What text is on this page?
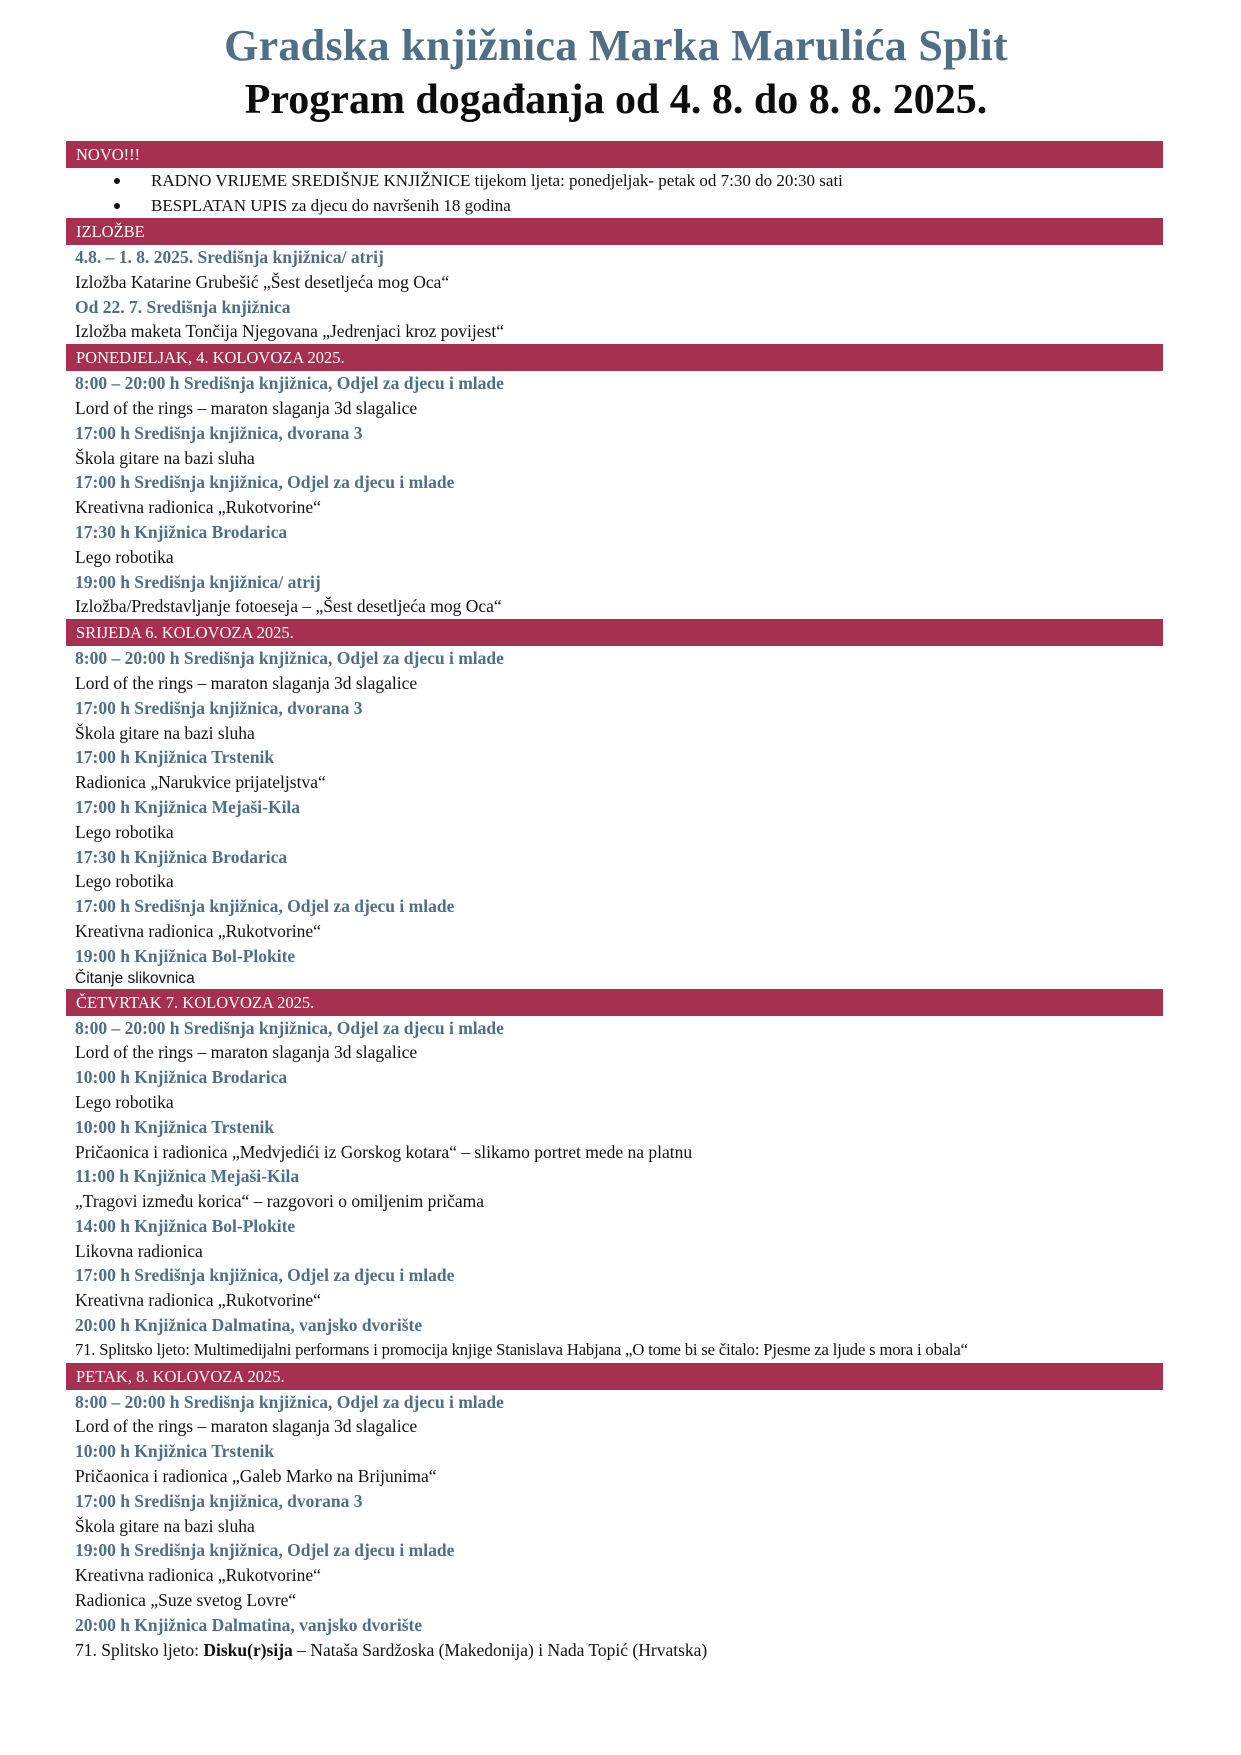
Gradska knjižnica Marka Marulića Split
Program događanja od 4. 8. do 8. 8. 2025.
NOVO!!!
RADNO VRIJEME SREDIŠNJE KNJIŽNICE tijekom ljeta: ponedjeljak- petak od 7:30 do 20:30 sati
BESPLATAN UPIS za djecu do navršenih 18 godina
IZLOŽBE
4.8. – 1. 8. 2025. Središnja knjižnica/ atrij
Izložba Katarine Grubešić „Šest desetljeća mog Oca“
Od 22. 7. Središnja knjižnica
Izložba maketa Tončija Njegovana „Jedrenjaci kroz povijest“
PONEDJELJAK, 4. KOLOVOZA 2025.
8:00 – 20:00 h Središnja knjižnica, Odjel za djecu i mlade
Lord of the rings – maraton slaganja 3d slagalice
17:00 h Središnja knjižnica, dvorana 3
Škola gitare na bazi sluha
17:00 h Središnja knjižnica, Odjel za djecu i mlade
Kreativna radionica „Rukotvorine“
17:30 h Knjižnica Brodarica
Lego robotika
19:00 h Središnja knjižnica/ atrij
Izložba/Predstavljanje fotoeseja – „Šest desetljeća mog Oca“
SRIJEDA 6. KOLOVOZA 2025.
8:00 – 20:00 h Središnja knjižnica, Odjel za djecu i mlade
Lord of the rings – maraton slaganja 3d slagalice
17:00 h Središnja knjižnica, dvorana 3
Škola gitare na bazi sluha
17:00 h Knjižnica Trstenik
Radionica „Narukvice prijateljstva“
17:00 h Knjižnica Mejaši-Kila
Lego robotika
17:30 h Knjižnica Brodarica
Lego robotika
17:00 h Središnja knjižnica, Odjel za djecu i mlade
Kreativna radionica „Rukotvorine“
19:00 h Knjižnica Bol-Plokite
Čitanje slikovnica
ČETVRTAK 7. KOLOVOZA 2025.
8:00 – 20:00 h Središnja knjižnica, Odjel za djecu i mlade
Lord of the rings – maraton slaganja 3d slagalice
10:00 h Knjižnica Brodarica
Lego robotika
10:00 h Knjižnica Trstenik
Pričaonica i radionica „Medvjedići iz Gorskog kotara“ – slikamo portret mede na platnu
11:00 h Knjižnica Mejaši-Kila
„Tragovi između korica“ – razgovori o omiljenim pričama
14:00 h Knjižnica Bol-Plokite
Likovna radionica
17:00 h Središnja knjižnica, Odjel za djecu i mlade
Kreativna radionica „Rukotvorine“
20:00 h Knjižnica Dalmatina, vanjsko dvorište
71. Splitsko ljeto: Multimedijalni performans i promocija knjige Stanislava Habjana „O tome bi se čitalo: Pjesme za ljude s mora i obala“
PETAK, 8. KOLOVOZA 2025.
8:00 – 20:00 h Središnja knjižnica, Odjel za djecu i mlade
Lord of the rings – maraton slaganja 3d slagalice
10:00 h Knjižnica Trstenik
Pričaonica i radionica „Galeb Marko na Brijunima“
17:00 h Središnja knjižnica, dvorana 3
Škola gitare na bazi sluha
19:00 h Središnja knjižnica, Odjel za djecu i mlade
Kreativna radionica „Rukotvorine“
Radionica „Suze svetog Lovre“
20:00 h Knjižnica Dalmatina, vanjsko dvorište
71. Splitsko ljeto: Disku(r)sija – Nataša Sardžoska (Makedonija) i Nada Topić (Hrvatska)
